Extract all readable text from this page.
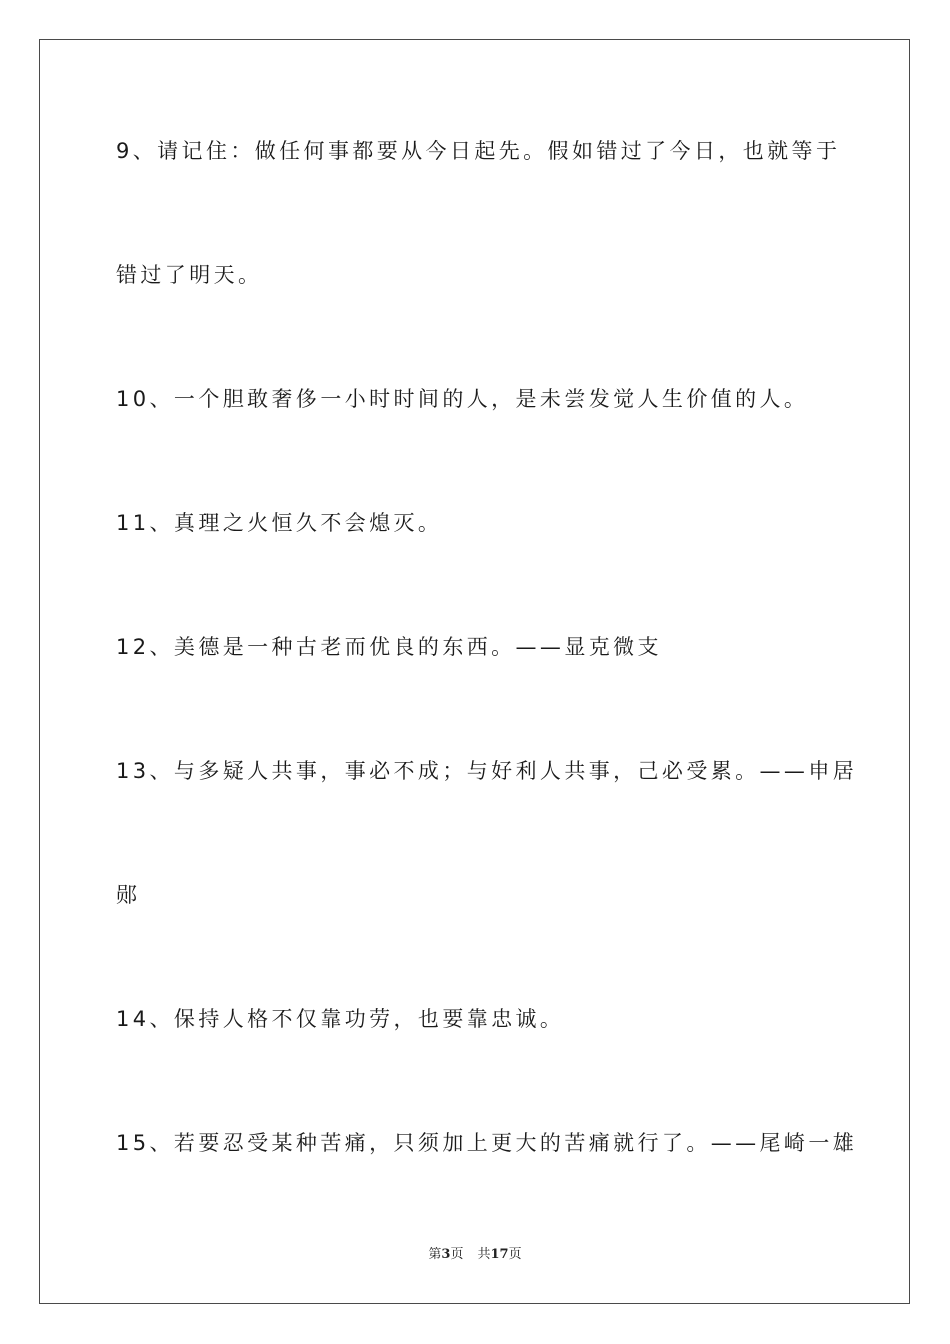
9、请记住：做任何事都要从今日起先。假如错过了今日，也就等于
错过了明天。
10、一个胆敢奢侈一小时时间的人，是未尝发觉人生价值的人。
11、真理之火恒久不会熄灭。
12、美德是一种古老而优良的东西。——显克微支
13、与多疑人共事，事必不成；与好利人共事，己必受累。——申居
郧
14、保持人格不仅靠功劳，也要靠忠诚。
15、若要忍受某种苦痛，只须加上更大的苦痛就行了。——尾崎一雄
第3页 共17页
